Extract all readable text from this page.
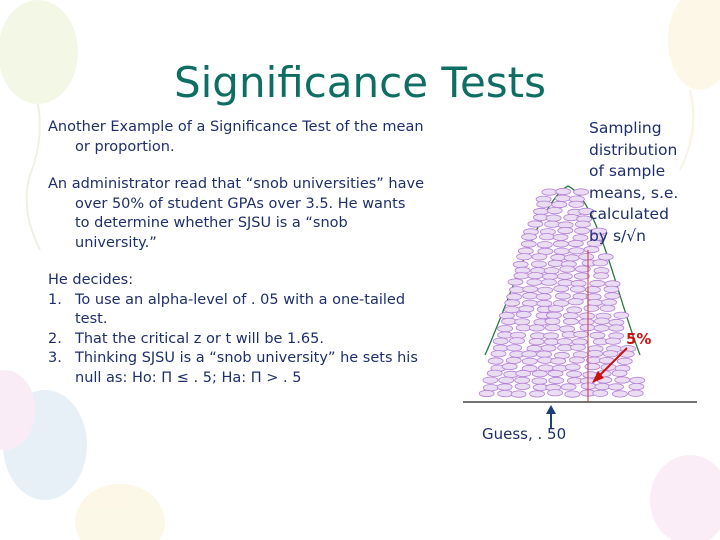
Significance Tests

Another Example of a Significance Test of the mean
or proportion.

An administrator read that “snob universities” have
over 50% of student GPAs over 3.5. He wants
to determine whether SJSU is a “snob
university.”

He decides:
1. To use an alpha-level of . 05 with a one-tailed
test.
2. That the critical z or t will be 1.65.
3. Thinking SJSU is a “snob university” he sets his
null as: Ho: Π ≤ . 5; Ha: Π > . 5
Sampling
distribution
of sample
means, s.e.
calculated
by s/√n
5%
Guess, . 50
